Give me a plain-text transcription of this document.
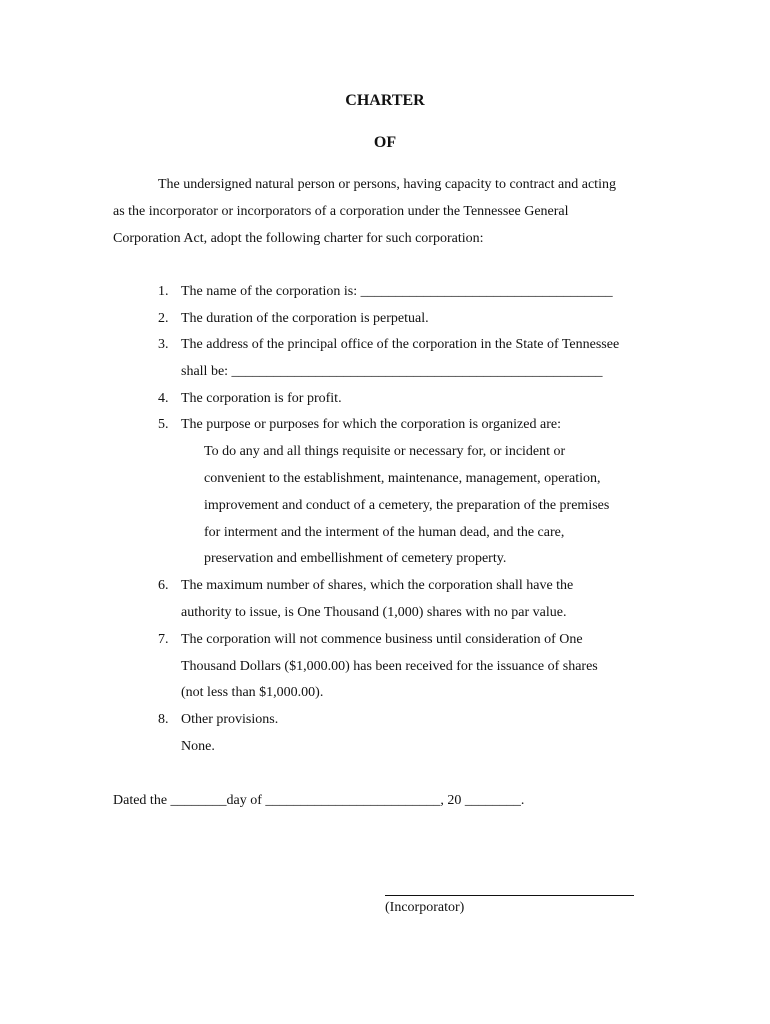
CHARTER
OF
The undersigned natural person or persons, having capacity to contract and acting
as the incorporator or incorporators of a corporation under the Tennessee General
Corporation Act, adopt the following charter for such corporation:
1. The name of the corporation is: ____________________________________
2. The duration of the corporation is perpetual.
3. The address of the principal office of the corporation in the State of Tennessee
shall be: _____________________________________________________
4. The corporation is for profit.
5. The purpose or purposes for which the corporation is organized are:
To do any and all things requisite or necessary for, or incident or
convenient to the establishment, maintenance, management, operation,
improvement and conduct of a cemetery, the preparation of the premises
for interment and the interment of the human dead, and the care,
preservation and embellishment of cemetery property.
6. The maximum number of shares, which the corporation shall have the
authority to issue, is One Thousand (1,000) shares with no par value.
7. The corporation will not commence business until consideration of One
Thousand Dollars ($1,000.00) has been received for the issuance of shares
(not less than $1,000.00).
8. Other provisions.
None.
Dated the ________day of _________________________, 20 ________.
(Incorporator)
